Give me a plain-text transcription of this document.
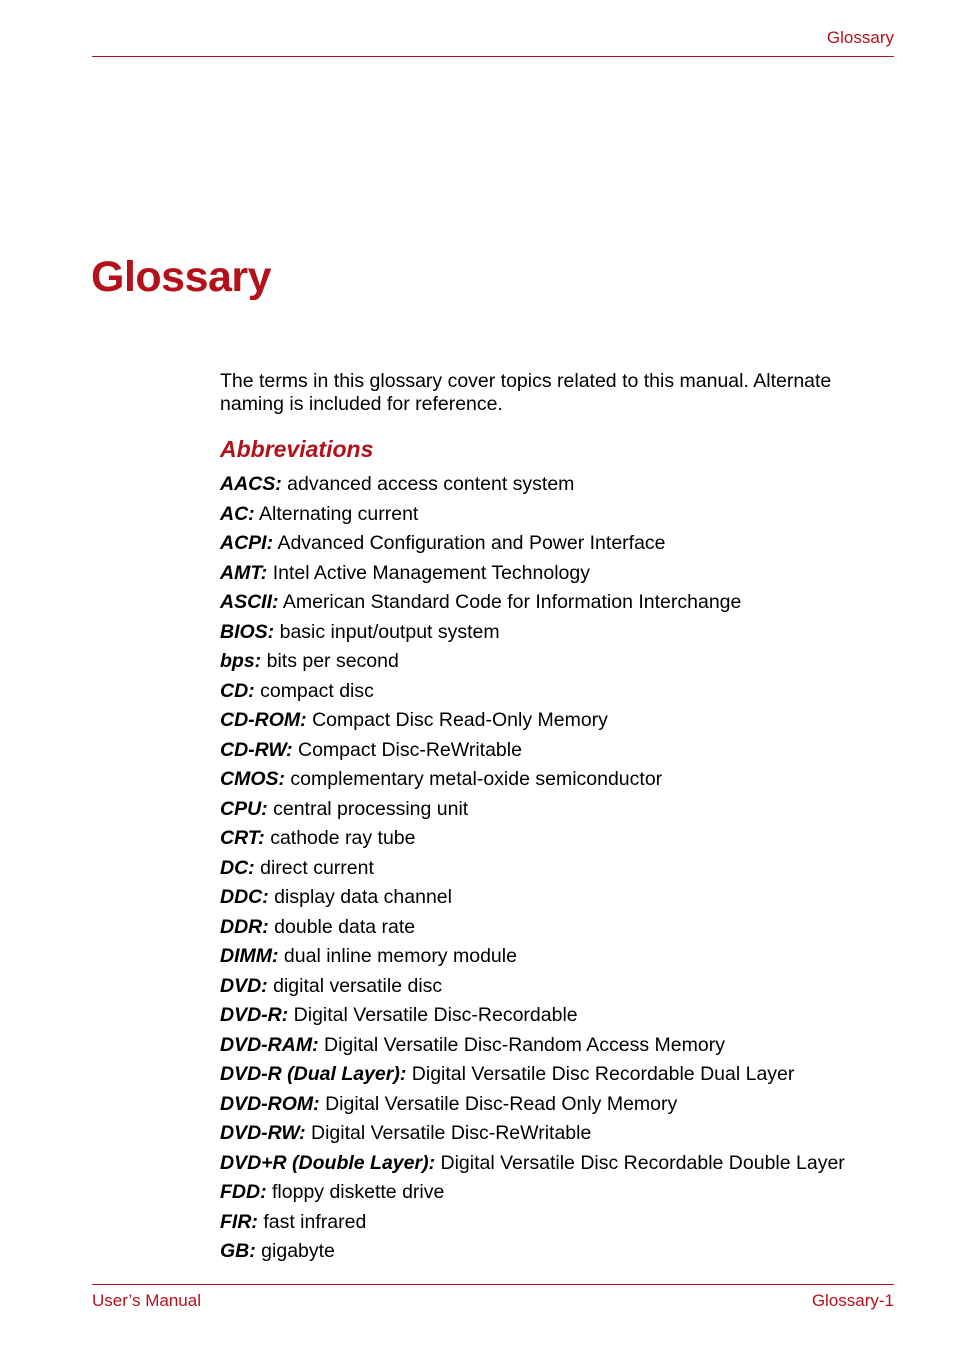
Glossary
Glossary

The terms in this glossary cover topics related to this manual. Alternate naming is included for reference.

Abbreviations
AACS: advanced access content system
AC: Alternating current
ACPI: Advanced Configuration and Power Interface
AMT: Intel Active Management Technology
ASCII: American Standard Code for Information Interchange
BIOS: basic input/output system
bps: bits per second
CD: compact disc
CD-ROM: Compact Disc Read-Only Memory
CD-RW: Compact Disc-ReWritable
CMOS: complementary metal-oxide semiconductor
CPU: central processing unit
CRT: cathode ray tube
DC: direct current
DDC: display data channel
DDR: double data rate
DIMM: dual inline memory module
DVD: digital versatile disc
DVD-R: Digital Versatile Disc-Recordable
DVD-RAM: Digital Versatile Disc-Random Access Memory
DVD-R (Dual Layer): Digital Versatile Disc Recordable Dual Layer
DVD-ROM: Digital Versatile Disc-Read Only Memory
DVD-RW: Digital Versatile Disc-ReWritable
DVD+R (Double Layer): Digital Versatile Disc Recordable Double Layer
FDD: floppy diskette drive
FIR: fast infrared
GB: gigabyte
User’s Manual	Glossary-1
